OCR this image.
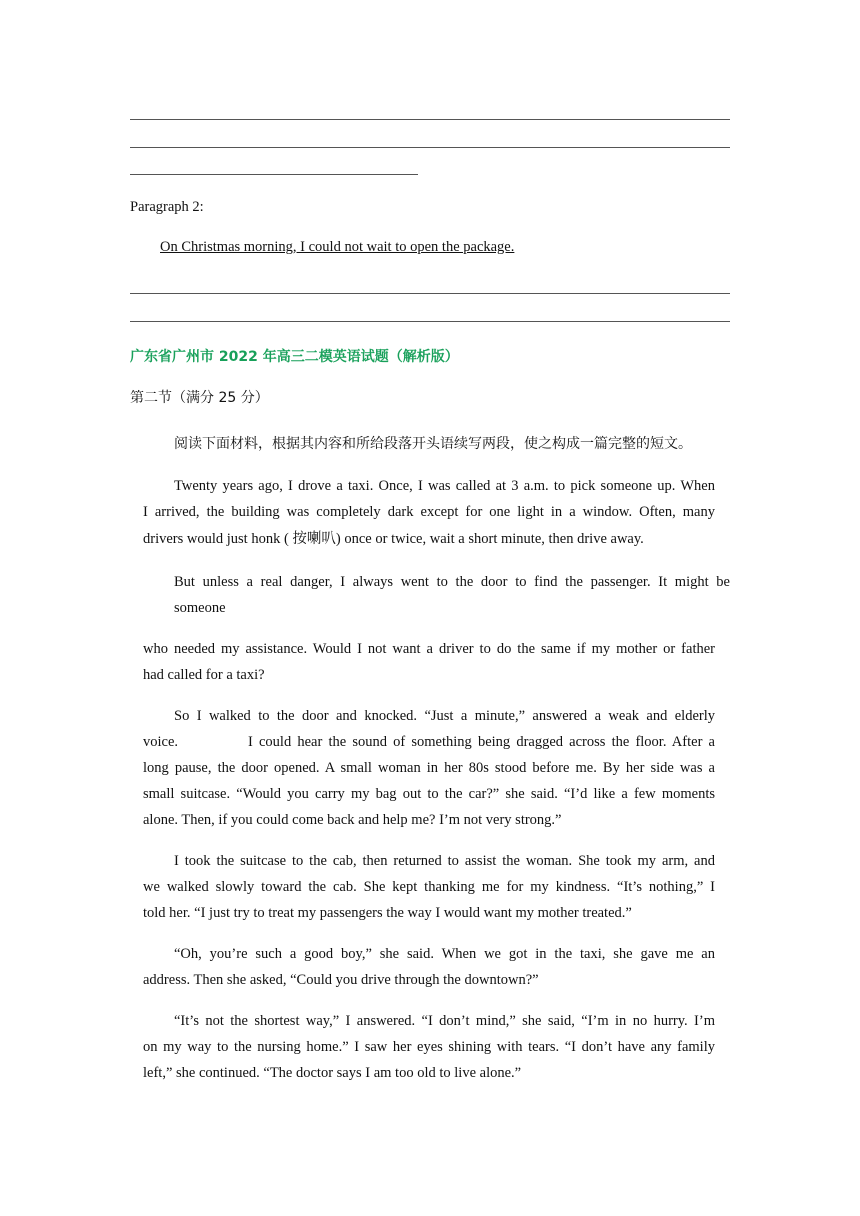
Paragraph 2:
On Christmas morning, I could not wait to open the package.
广东省广州市 2022 年高三二模英语试题（解析版）
第二节（满分 25 分）
阅读下面材料，根据其内容和所给段落开头语续写两段，使之构成一篇完整的短文。
Twenty years ago, I drove a taxi. Once, I was called at 3 a.m. to pick someone up. When
I arrived, the building was completely dark except for one light in a window. Often, many
drivers would just honk ( 按喇叭) once or twice, wait a short minute, then drive away.
But unless a real danger, I always went to the door to find the passenger. It might be
someone
who needed my assistance. Would I not want a driver to do the same if my mother or father
had called for a taxi?
So I walked to the door and knocked. “Just a minute,” answered a weak and elderly
voice.	I could hear the sound of something being dragged across the floor. After a
long pause, the door opened. A small woman in her 80s stood before me. By her side was a
small suitcase. “Would you carry my bag out to the car?” she said. “I’d like a few moments
alone. Then, if you could come back and help me? I’m not very strong.”
I took the suitcase to the cab, then returned to assist the woman. She took my arm, and
we walked slowly toward the cab. She kept thanking me for my kindness. “It’s nothing,” I
told her. “I just try to treat my passengers the way I would want my mother treated.”
“Oh, you’re such a good boy,” she said. When we got in the taxi, she gave me an
address. Then she asked, “Could you drive through the downtown?”
“It’s not the shortest way,” I answered. “I don’t mind,” she said, “I’m in no hurry. I’m
on my way to the nursing home.” I saw her eyes shining with tears. “I don’t have any family
left,” she continued. “The doctor says I am too old to live alone.”
